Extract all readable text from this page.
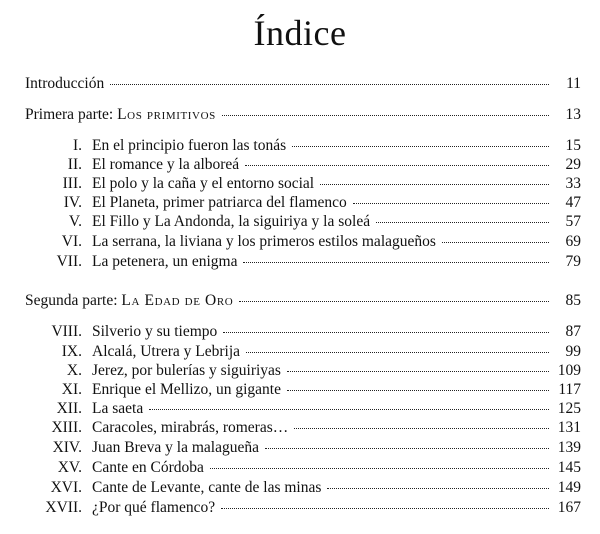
Índice
Introducción	11
Primera parte: Los primitivos	13
I. En el principio fueron las tonás	15
II. El romance y la alboreá	29
III. El polo y la caña y el entorno social	33
IV. El Planeta, primer patriarca del flamenco	47
V. El Fillo y La Andonda, la siguiriya y la soleá	57
VI. La serrana, la liviana y los primeros estilos malagueños	69
VII. La petenera, un enigma	79
Segunda parte: La Edad de Oro	85
VIII. Silverio y su tiempo	87
IX. Alcalá, Utrera y Lebrija	99
X. Jerez, por bulerías y siguiriyas	109
XI. Enrique el Mellizo, un gigante	117
XII. La saeta	125
XIII. Caracoles, mirabrás, romeras…	131
XIV. Juan Breva y la malagueña	139
XV. Cante en Córdoba	145
XVI. Cante de Levante, cante de las minas	149
XVII. ¿Por qué flamenco?	167
